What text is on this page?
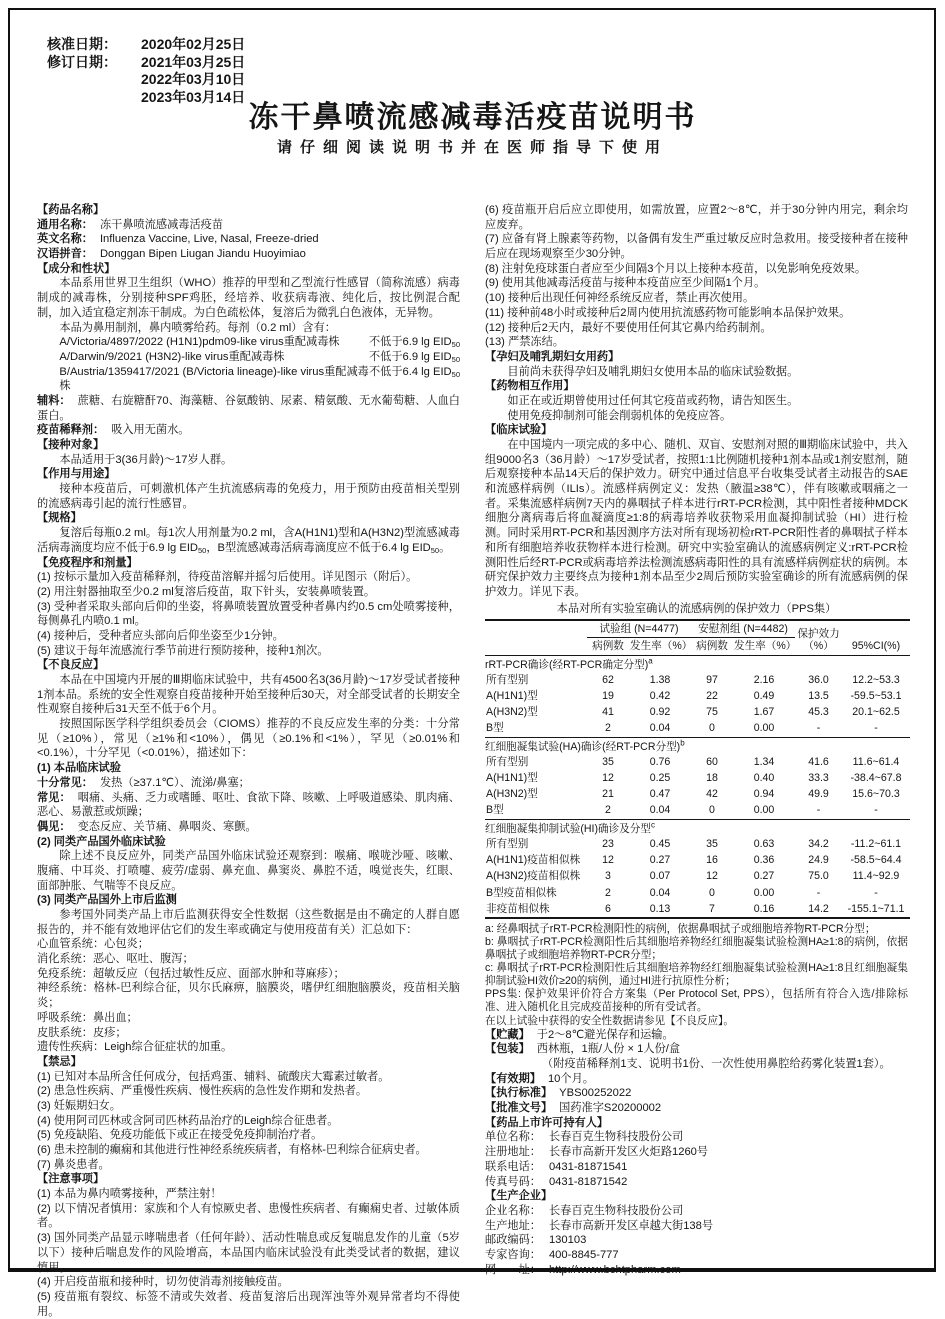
核准日期：	2020年02月25日
修订日期：	2021年03月25日
2022年03月10日
2023年03月14日
冻干鼻喷流感减毒活疫苗说明书
请仔细阅读说明书并在医师指导下使用

【药品名称】

通用名称： 冻干鼻喷流感减毒活疫苗

英文名称： Influenza Vaccine, Live, Nasal, Freeze-dried

汉语拼音： Donggan Bipen Liugan Jiandu Huoyimiao

【成分和性状】

本品系用世界卫生组织（WHO）推荐的甲型和乙型流行性感冒（简称流感）病毒制成的减毒株，分别接种SPF鸡胚，经培养、收获病毒液、纯化后，按比例混合配制，加入适宜稳定剂冻干制成。为白色疏松体，复溶后为微乳白色液体，无异物。

本品为鼻用制剂，鼻内喷雾给药。每剂（0.2 ml）含有：

A/Victoria/4897/2022 (H1N1)pdm09-like virus重配减毒株	不低于6.9 $\lg EID_{50}$

A/Darwin/9/2021 (H3N2)-like virus重配减毒株	不低于6.9 $\lg EID_{50}$

B/Austria/1359417/2021 (B/Victoria lineage)-like virus重配减毒株
不低于6.4 $\lg EID_{50}$

辅料： 蔗糖、右旋糖酐70、海藻糖、谷氨酸钠、尿素、精氨酸、无水葡萄糖、人血白蛋白。

疫苗稀释剂： 吸入用无菌水。

【接种对象】

本品适用于3(36月龄)～17岁人群。

【作用与用途】

接种本疫苗后，可刺激机体产生抗流感病毒的免疫力，用于预防由疫苗相关型别的流感病毒引起的流行性感冒。

【规格】

复溶后每瓶0.2 ml。每1次人用剂量为0.2 ml，含A(H1N1)型和A(H3N2)型流感减毒活病毒滴度均应不低于6.9 $\lg EID_{50}$，B型流感减毒活病毒滴度应不低于6.4 $\lg EID_{50}$。

【免疫程序和剂量】

(1) 按标示量加入疫苗稀释剂，待疫苗溶解并摇匀后使用。详见图示（附后）。

(2) 用注射器抽取至少0.2 ml复溶后疫苗，取下针头，安装鼻喷装置。

(3) 受种者采取头部向后仰的坐姿，将鼻喷装置放置受种者鼻内约0.5 cm处喷雾接种，每侧鼻孔内喷0.1 ml。

(4) 接种后，受种者应头部向后仰坐姿至少1分钟。

(5) 建议于每年流感流行季节前进行预防接种，接种1剂次。

【不良反应】

本品在中国境内开展的Ⅲ期临床试验中，共有4500名3(36月龄)～17岁受试者接种1剂本品。系统的安全性观察自疫苗接种开始至接种后30天，对全部受试者的长期安全性观察自接种后31天至不低于6个月。

按照国际医学科学组织委员会（CIOMS）推荐的不良反应发生率的分类：十分常见（≥10%），常见（≥1%和<10%），偶见（≥0.1%和<1%），罕见（≥0.01%和<0.1%），十分罕见（<0.01%），描述如下：

(1) 本品临床试验

十分常见： 发热（≥37.1℃）、流涕/鼻塞；

常见： 咽痛、头痛、乏力或嗜睡、呕吐、食欲下降、咳嗽、上呼吸道感染、肌肉痛、恶心、易激惹或烦躁；

偶见： 变态反应、关节痛、鼻咽炎、寒颤。

(2) 同类产品国外临床试验

除上述不良反应外，同类产品国外临床试验还观察到：喉痛、喉咙沙哑、咳嗽、腹痛、中耳炎、打喷嚏、疲劳/虚弱、鼻充血、鼻窦炎、鼻腔不适，嗅觉丧失，红眼、面部肿胀、气喘等不良反应。

(3) 同类产品国外上市后监测

参考国外同类产品上市后监测获得安全性数据（这些数据是由不确定的人群自愿报告的，并不能有效地评估它们的发生率或确定与使用疫苗有关）汇总如下：

心血管系统：心包炎；

消化系统：恶心、呕吐、腹泻；

免疫系统：超敏反应（包括过敏性反应、面部水肿和荨麻疹）；

神经系统：格林-巴利综合征，贝尔氏麻痹，脑膜炎，嗜伊红细胞脑膜炎，疫苗相关脑炎；

呼吸系统：鼻出血；

皮肤系统：皮疹；

遗传性疾病：Leigh综合征症状的加重。

【禁忌】

(1) 已知对本品所含任何成分，包括鸡蛋、辅料、硫酸庆大霉素过敏者。

(2) 患急性疾病、严重慢性疾病、慢性疾病的急性发作期和发热者。

(3) 妊娠期妇女。

(4) 使用阿司匹林或含阿司匹林药品治疗的Leigh综合征患者。

(5) 免疫缺陷、免疫功能低下或正在接受免疫抑制治疗者。

(6) 患未控制的癫痫和其他进行性神经系统疾病者，有格林-巴利综合征病史者。

(7) 鼻炎患者。

【注意事项】

(1) 本品为鼻内喷雾接种，严禁注射！

(2) 以下情况者慎用：家族和个人有惊厥史者、患慢性疾病者、有癫痫史者、过敏体质者。

(3) 国外同类产品显示哮喘患者（任何年龄）、活动性喘息或反复喘息发作的儿童（5岁以下）接种后喘息发作的风险增高，本品国内临床试验没有此类受试者的数据，建议慎用。

(4) 开启疫苗瓶和接种时，切勿使消毒剂接触疫苗。

(5) 疫苗瓶有裂纹、标签不清或失效者、疫苗复溶后出现浑浊等外观异常者均不得使用。

(6) 疫苗瓶开启后应立即使用，如需放置，应置2～8℃，并于30分钟内用完，剩余均应废弃。

(7) 应备有肾上腺素等药物，以备偶有发生严重过敏反应时急救用。接受接种者在接种后应在现场观察至少30分钟。

(8) 注射免疫球蛋白者应至少间隔3个月以上接种本疫苗，以免影响免疫效果。

(9) 使用其他减毒活疫苗与接种本疫苗应至少间隔1个月。

(10) 接种后出现任何神经系统反应者，禁止再次使用。

(11) 接种前48小时或接种后2周内使用抗流感药物可能影响本品保护效果。

(12) 接种后2天内，最好不要使用任何其它鼻内给药制剂。

(13) 严禁冻结。

【孕妇及哺乳期妇女用药】

目前尚未获得孕妇及哺乳期妇女使用本品的临床试验数据。

【药物相互作用】

如正在或近期曾使用过任何其它疫苗或药物，请告知医生。

使用免疫抑制剂可能会削弱机体的免疫应答。

【临床试验】

在中国境内一项完成的多中心、随机、双盲、安慰剂对照的Ⅲ期临床试验中，共入组9000名3（36月龄）～17岁受试者，按照1:1比例随机接种1剂本品或1剂安慰剂，随后观察接种本品14天后的保护效力。研究中通过信息平台收集受试者主动报告的SAE和流感样病例（ILIs）。流感样病例定义：发热（腋温≥38℃），伴有咳嗽或咽痛之一者。采集流感样病例7天内的鼻咽拭子样本进行rRT-PCR检测，其中阳性者接种MDCK细胞分离病毒后将血凝滴度≥1:8的病毒培养收获物采用血凝抑制试验（HI）进行检测。同时采用RT-PCR和基因测序方法对所有现场初检rRT-PCR阳性者的鼻咽拭子样本和所有细胞培养收获物样本进行检测。研究中实验室确认的流感病例定义:rRT-PCR检测阳性后经RT-PCR或病毒培养法检测流感病毒阳性的具有流感样病例症状的病例。本研究保护效力主要终点为接种1剂本品至少2周后预防实验室确诊的所有流感病例的保护效力。详见下表。

本品对所有实验室确认的流感病例的保护效力（PPS集）

	试验组 (N=4477)		安慰剂组 (N=4482)		保护效力（%）	95%CI(%)
	病例数	发生率（%）	病例数	发生率（%）		
rRT-PCR确诊(经RT-PCR确定分型)$^a$
所有型别	62	1.38	97	2.16	36.0	12.2~53.3
A(H1N1)型	19	0.42	22	0.49	13.5	-59.5~53.1
A(H3N2)型	41	0.92	75	1.67	45.3	20.1~62.5
B型	2	0.04	0	0.00	-	-
红细胞凝集试验(HA)确诊(经RT-PCR分型)$^b$
所有型别	35	0.76	60	1.34	41.6	11.6~61.4
A(H1N1)型	12	0.25	18	0.40	33.3	-38.4~67.8
A(H3N2)型	21	0.47	42	0.94	49.9	15.6~70.3
B型	2	0.04	0	0.00	-	-
红细胞凝集抑制试验(HI)确诊及分型$^c$
所有型别	23	0.45	35	0.63	34.2	-11.2~61.1
A(H1N1)疫苗相似株	12	0.27	16	0.36	24.9	-58.5~64.4
A(H3N2)疫苗相似株	3	0.07	12	0.27	75.0	11.4~92.9
B型疫苗相似株	2	0.04	0	0.00	-	-
非疫苗相似株	6	0.13	7	0.16	14.2	-155.1~71.1

a: 经鼻咽拭子rRT-PCR检测阳性的病例，依据鼻咽拭子或细胞培养物RT-PCR分型；

b: 鼻咽拭子rRT-PCR检测阳性后其细胞培养物经红细胞凝集试验检测HA≥1:8的病例，依据鼻咽拭子或细胞培养物RT-PCR分型；

c: 鼻咽拭子rRT-PCR检测阳性后其细胞培养物经红细胞凝集试验检测HA≥1:8且红细胞凝集抑制试验HI效价≥20的病例，通过HI进行抗原性分析；

PPS集: 保护效果评价符合方案集（Per Protocol Set, PPS），包括所有符合入选/排除标准、进入随机化且完成疫苗接种的所有受试者。

在以上试验中获得的安全性数据请参见【不良反应】。

【贮藏】 于2～8℃避光保存和运输。

【包装】 西林瓶，1瓶/人份 × 1人份/盒

（附疫苗稀释剂1支、说明书1份、一次性使用鼻腔给药雾化装置1套）。

【有效期】 10个月。

【执行标准】 YBS00252022

【批准文号】 国药准字S20200002

【药品上市许可持有人】

单位名称： 长春百克生物科技股份公司

注册地址： 长春市高新开发区火炬路1260号

联系电话： 0431-81871541

传真号码： 0431-81871542

【生产企业】

企业名称： 长春百克生物科技股份公司

生产地址： 长春市高新开发区卓越大街138号

邮政编码： 130103

专家咨询： 400-8845-777

网　　址： http://www.bchtpharm.com
